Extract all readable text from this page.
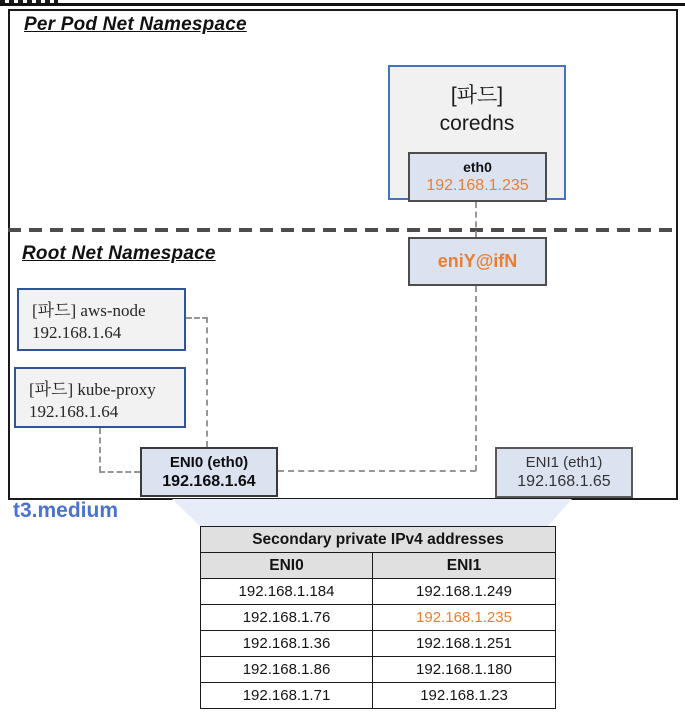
Per Pod Net Namespace
Root Net Namespace
[파드]
coredns
eth0
192.168.1.235
eniY@ifN
[파드] aws-node
192.168.1.64
[파드] kube-proxy
192.168.1.64
ENI0 (eth0)
192.168.1.64
ENI1 (eth1)
192.168.1.65
t3.medium
Secondary private IPv4 addresses	
ENI0	ENI1
192.168.1.184	192.168.1.249
192.168.1.76	192.168.1.235
192.168.1.36	192.168.1.251
192.168.1.86	192.168.1.180
192.168.1.71	192.168.1.23
